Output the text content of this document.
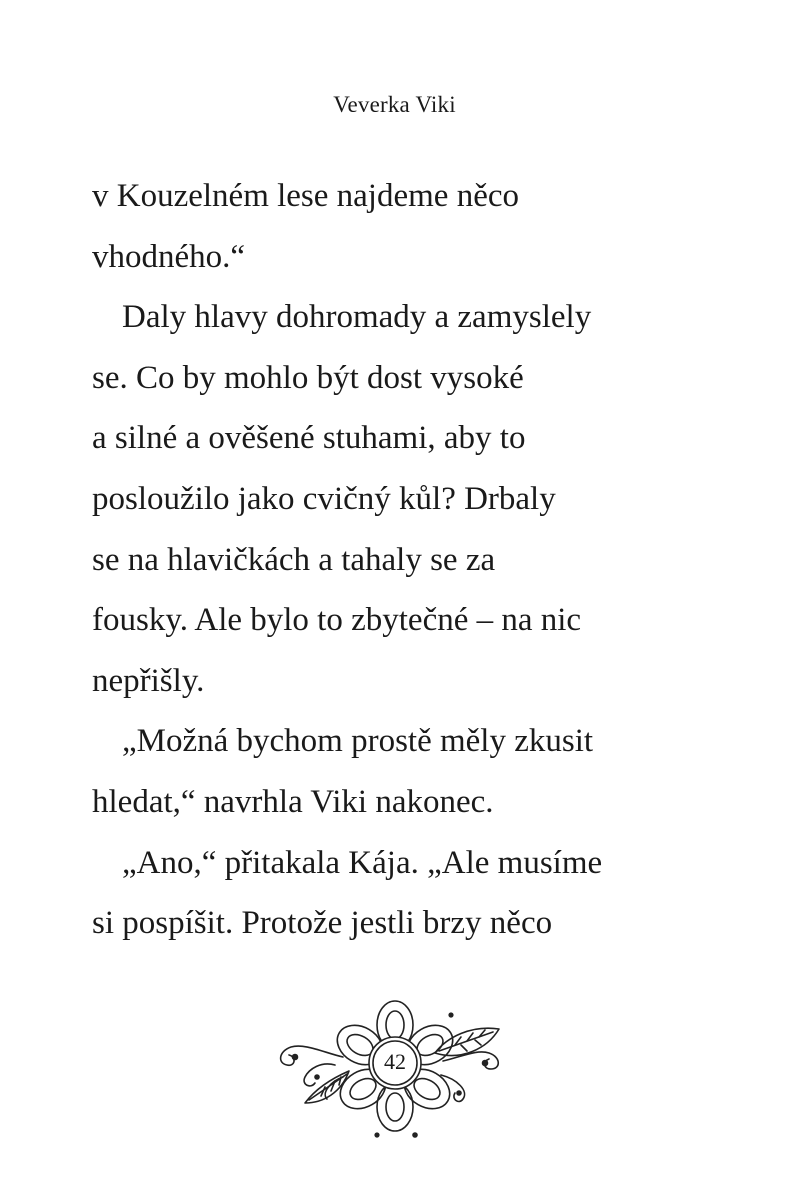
Veverka Viki
v Kouzelném lese najdeme něco
vhodného.“
Daly hlavy dohromady a zamyslely
se. Co by mohlo být dost vysoké
a silné a ověšené stuhami, aby to
posloužilo jako cvičný kůl? Drbaly
se na hlavičkách a tahaly se za
fousky. Ale bylo to zbytečné – na nic
nepřišly.
„Možná bychom prostě měly zkusit
hledat,“ navrhla Viki nakonec.
„Ano,“ přitakala Kája. „Ale musíme
si pospíšit. Protože jestli brzy něco
42
